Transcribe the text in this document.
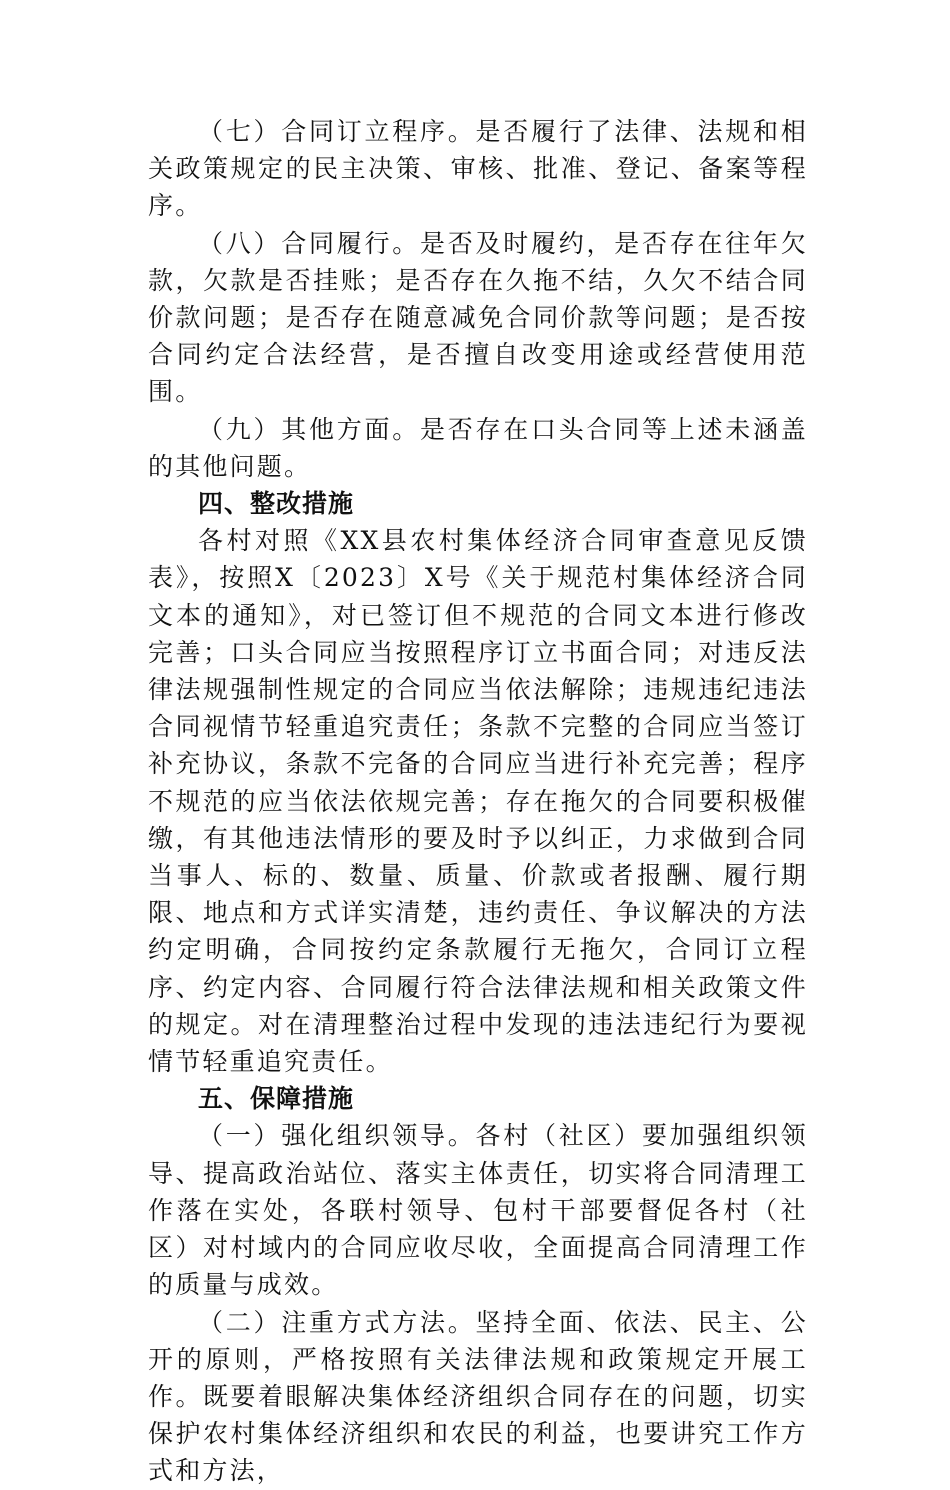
（七）合同订立程序。是否履行了法律、法规和相关政策规定的民主决策、审核、批准、登记、备案等程序。

（八）合同履行。是否及时履约，是否存在往年欠款，欠款是否挂账；是否存在久拖不结，久欠不结合同价款问题；是否存在随意减免合同价款等问题；是否按合同约定合法经营，是否擅自改变用途或经营使用范围。

（九）其他方面。是否存在口头合同等上述未涵盖的其他问题。

四、整改措施

各村对照《XX县农村集体经济合同审查意见反馈表》，按照X〔2023〕X号《关于规范村集体经济合同文本的通知》，对已签订但不规范的合同文本进行修改完善；口头合同应当按照程序订立书面合同；对违反法律法规强制性规定的合同应当依法解除；违规违纪违法合同视情节轻重追究责任；条款不完整的合同应当签订补充协议，条款不完备的合同应当进行补充完善；程序不规范的应当依法依规完善；存在拖欠的合同要积极催缴，有其他违法情形的要及时予以纠正，力求做到合同当事人、标的、数量、质量、价款或者报酬、履行期限、地点和方式详实清楚，违约责任、争议解决的方法约定明确，合同按约定条款履行无拖欠，合同订立程序、约定内容、合同履行符合法律法规和相关政策文件的规定。对在清理整治过程中发现的违法违纪行为要视情节轻重追究责任。

五、保障措施

（一）强化组织领导。各村（社区）要加强组织领导、提高政治站位、落实主体责任，切实将合同清理工作落在实处，各联村领导、包村干部要督促各村（社区）对村域内的合同应收尽收，全面提高合同清理工作的质量与成效。

（二）注重方式方法。坚持全面、依法、民主、公开的原则，严格按照有关法律法规和政策规定开展工作。既要着眼解决集体经济组织合同存在的问题，切实保护农村集体经济组织和农民的利益，也要讲究工作方式和方法，
